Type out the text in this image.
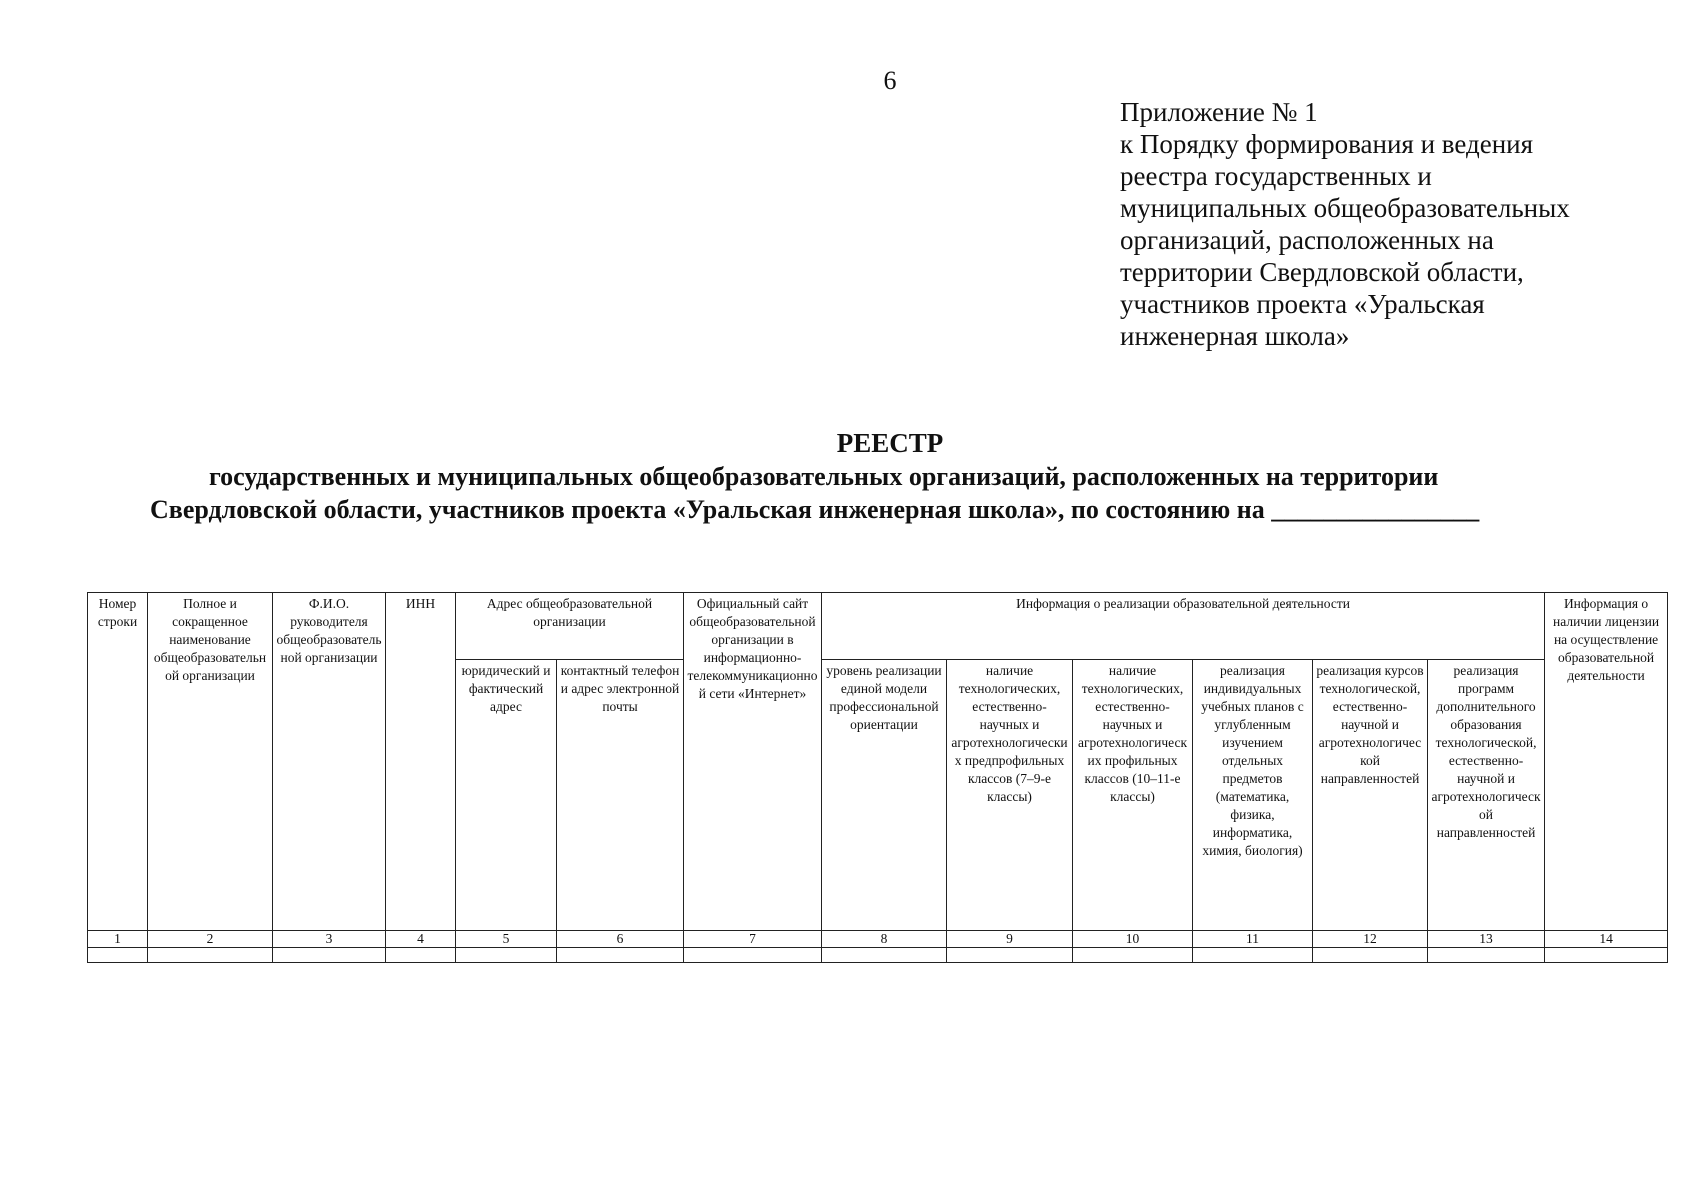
6
Приложение № 1
к Порядку формирования и ведения
реестра государственных и
муниципальных общеобразовательных
организаций, расположенных на
территории Свердловской области,
участников проекта «Уральская
инженерная школа»
РЕЕСТР
государственных и муниципальных общеобразовательных организаций, расположенных на территории
Свердловской области, участников проекта «Уральская инженерная школа», по состоянию на ________________
Номер строки	Полное и сокращенное наименование общеобразовательной организации	Ф.И.О. руководителя общеобразовательной организации	ИНН	Адрес общеобразовательной организации		Официальный сайт общеобразовательной организации в информационно-телекоммуникационной сети «Интернет»	Информация о реализации образовательной деятельности						Информация о наличии лицензии на осуществление образовательной деятельности
				юридический и фактический адрес	контактный телефон и адрес электронной почты		уровень реализации единой модели профессиональной ориентации	наличие технологических, естественно-научных и агротехнологических предпрофильных классов (7–9-е классы)	наличие технологических, естественно-научных и агротехнологических профильных классов (10–11-е классы)	реализация индивидуальных учебных планов с углубленным изучением отдельных предметов (математика, физика, информатика, химия, биология)	реализация курсов технологической, естественно-научной и агротехнологической направленностей	реализация программ дополнительного образования технологической, естественно-научной и агротехнологической направленностей	
1	2	3	4	5	6	7	8	9	10	11	12	13	14
